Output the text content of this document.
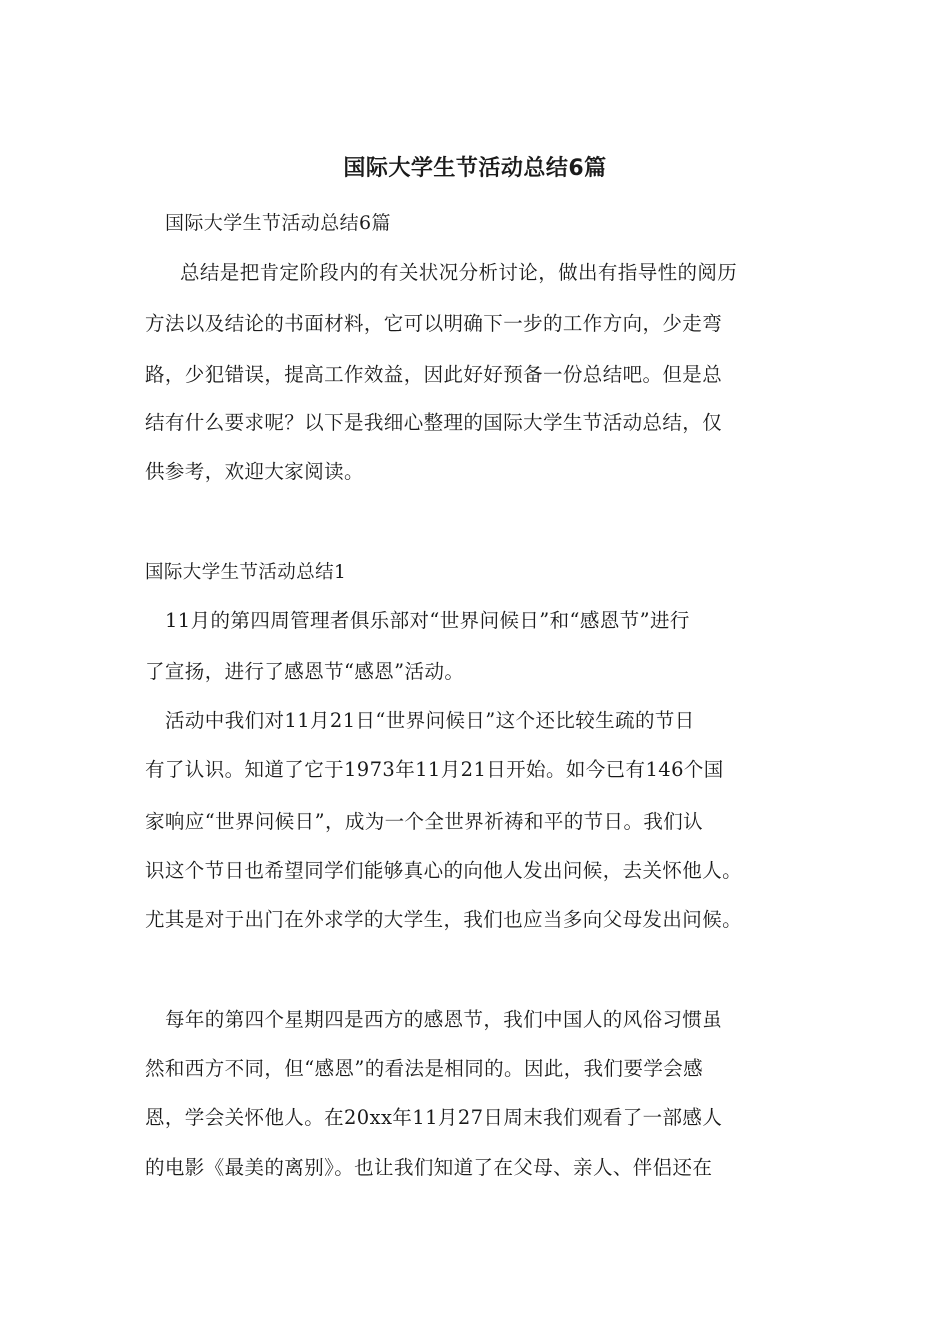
国际大学生节活动总结6篇

国际大学生节活动总结6篇

总结是把肯定阶段内的有关状况分析讨论，做出有指导性的阅历

方法以及结论的书面材料，它可以明确下一步的工作方向，少走弯

路，少犯错误，提高工作效益，因此好好预备一份总结吧。但是总

结有什么要求呢？以下是我细心整理的国际大学生节活动总结，仅

供参考，欢迎大家阅读。

国际大学生节活动总结1

11月的第四周管理者俱乐部对“世界问候日”和“感恩节”进行

了宣扬，进行了感恩节“感恩”活动。

活动中我们对11月21日“世界问候日”这个还比较生疏的节日

有了认识。知道了它于1973年11月21日开始。如今已有146个国

家响应“世界问候日”，成为一个全世界祈祷和平的节日。我们认

识这个节日也希望同学们能够真心的向他人发出问候，去关怀他人。

尤其是对于出门在外求学的大学生，我们也应当多向父母发出问候。

每年的第四个星期四是西方的感恩节，我们中国人的风俗习惯虽

然和西方不同，但“感恩”的看法是相同的。因此，我们要学会感

恩，学会关怀他人。在20xx年11月27日周末我们观看了一部感人

的电影《最美的离别》。也让我们知道了在父母、亲人、伴侣还在
